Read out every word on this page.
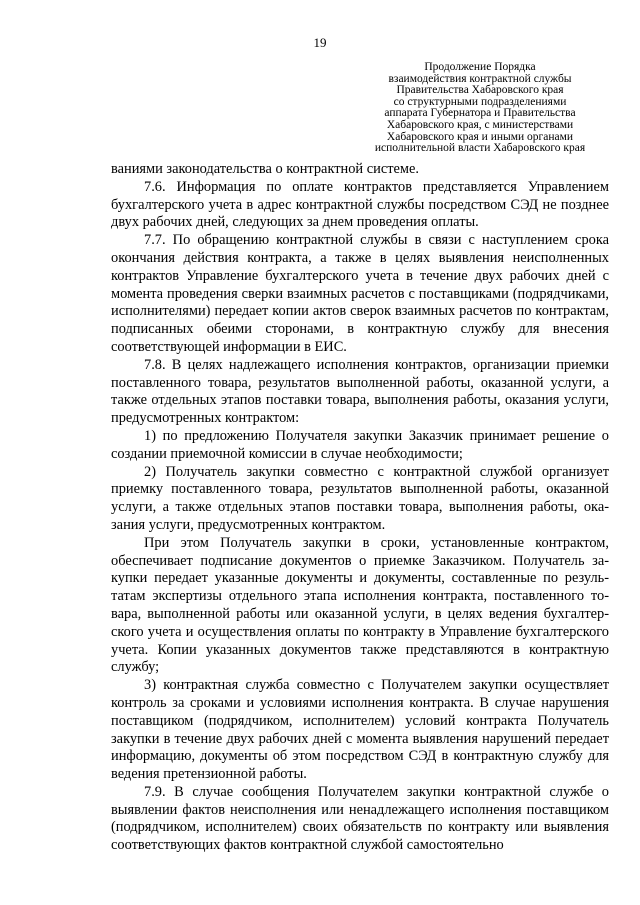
19
Продолжение Порядка
взаимодействия контрактной службы
Правительства Хабаровского края
со структурными подразделениями
аппарата Губернатора и Правительства
Хабаровского края, с министерствами
Хабаровского края и иными органами
исполнительной власти Хабаровского края

ваниями законодательства о контрактной системе.

7.6. Информация по оплате контрактов представляется Управлением бухгалтерского учета в адрес контрактной службы посредством СЭД не позднее двух рабочих дней, следующих за днем проведения оплаты.

7.7. По обращению контрактной службы в связи с наступлением срока окончания действия контракта, а также в целях выявления неисполненных контрактов Управление бухгалтерского учета в течение двух рабочих дней с момента проведения сверки взаимных расчетов с поставщиками (подрядчиками, исполнителями) передает копии актов сверок взаимных расчетов по контрактам, подписанных обеими сторонами, в контрактную службу для внесения соответствующей информации в ЕИС.

7.8. В целях надлежащего исполнения контрактов, организации приемки поставленного товара, результатов выполненной работы, оказанной услуги, а также отдельных этапов поставки товара, выполнения работы, оказания услуги, предусмотренных контрактом:

1) по предложению Получателя закупки Заказчик принимает решение о создании приемочной комиссии в случае необходимости;

2) Получатель закупки совместно с контрактной службой организует приемку поставленного товара, результатов выполненной работы, оказанной услуги, а также отдельных этапов поставки товара, выполнения работы, оказания услуги, предусмотренных контрактом.

При этом Получатель закупки в сроки, установленные контрактом, обеспечивает подписание документов о приемке Заказчиком. Получатель закупки передает указанные документы и документы, составленные по результатам экспертизы отдельного этапа исполнения контракта, поставленного товара, выполненной работы или оказанной услуги, в целях ведения бухгалтерского учета и осуществления оплаты по контракту в Управление бухгалтерского учета. Копии указанных документов также представляются в контрактную службу;

3) контрактная служба совместно с Получателем закупки осуществляет контроль за сроками и условиями исполнения контракта. В случае нарушения поставщиком (подрядчиком, исполнителем) условий контракта Получатель закупки в течение двух рабочих дней с момента выявления нарушений передает информацию, документы об этом посредством СЭД в контрактную службу для ведения претензионной работы.

7.9. В случае сообщения Получателем закупки контрактной службе о выявлении фактов неисполнения или ненадлежащего исполнения поставщиком (подрядчиком, исполнителем) своих обязательств по контракту или выявления соответствующих фактов контрактной службой самостоятельно
